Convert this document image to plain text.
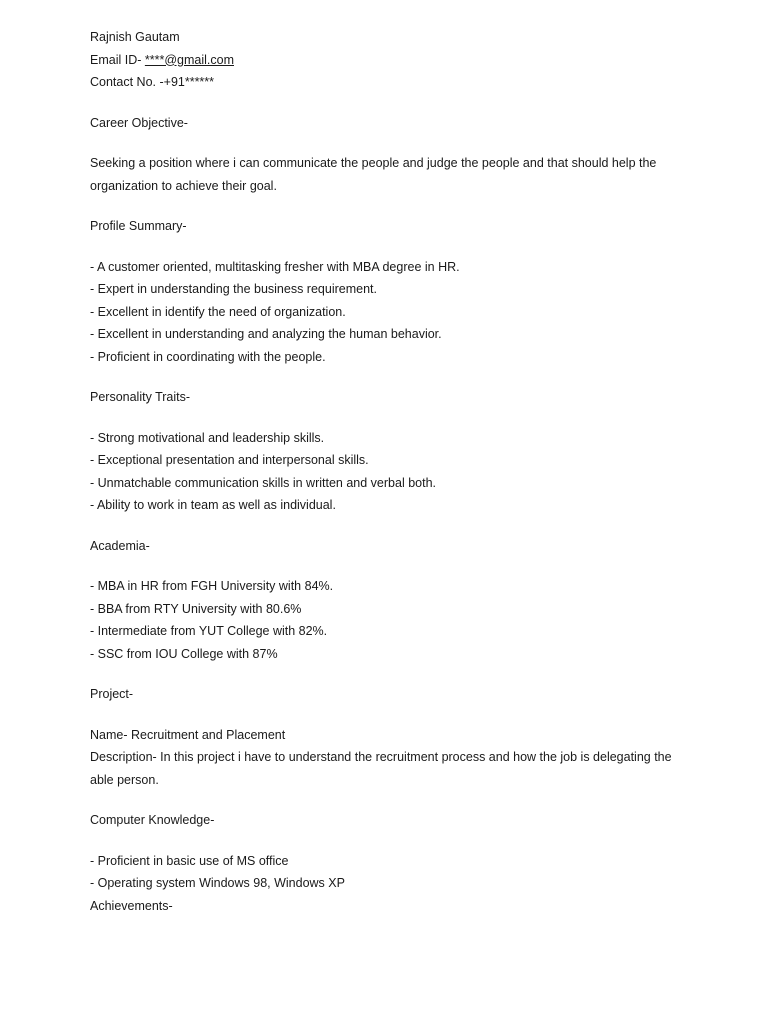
Rajnish Gautam
Email ID- ****@gmail.com
Contact No. -+91******
Career Objective-
Seeking a position where i can communicate the people and judge the people and that should help the organization to achieve their goal.
Profile Summary-
- A customer oriented, multitasking fresher with MBA degree in HR.
- Expert in understanding the business requirement.
- Excellent in identify the need of organization.
- Excellent in understanding and analyzing the human behavior.
- Proficient in coordinating with the people.
Personality Traits-
- Strong motivational and leadership skills.
- Exceptional presentation and interpersonal skills.
- Unmatchable communication skills in written and verbal both.
- Ability to work in team as well as individual.
Academia-
- MBA in HR from FGH University with 84%.
- BBA from RTY University with 80.6%
- Intermediate from YUT College with 82%.
- SSC from IOU College with 87%
Project-
Name- Recruitment and Placement
Description- In this project i have to understand the recruitment process and how the job is delegating the able person.
Computer Knowledge-
- Proficient in basic use of MS office
- Operating system Windows 98, Windows XP
Achievements-
